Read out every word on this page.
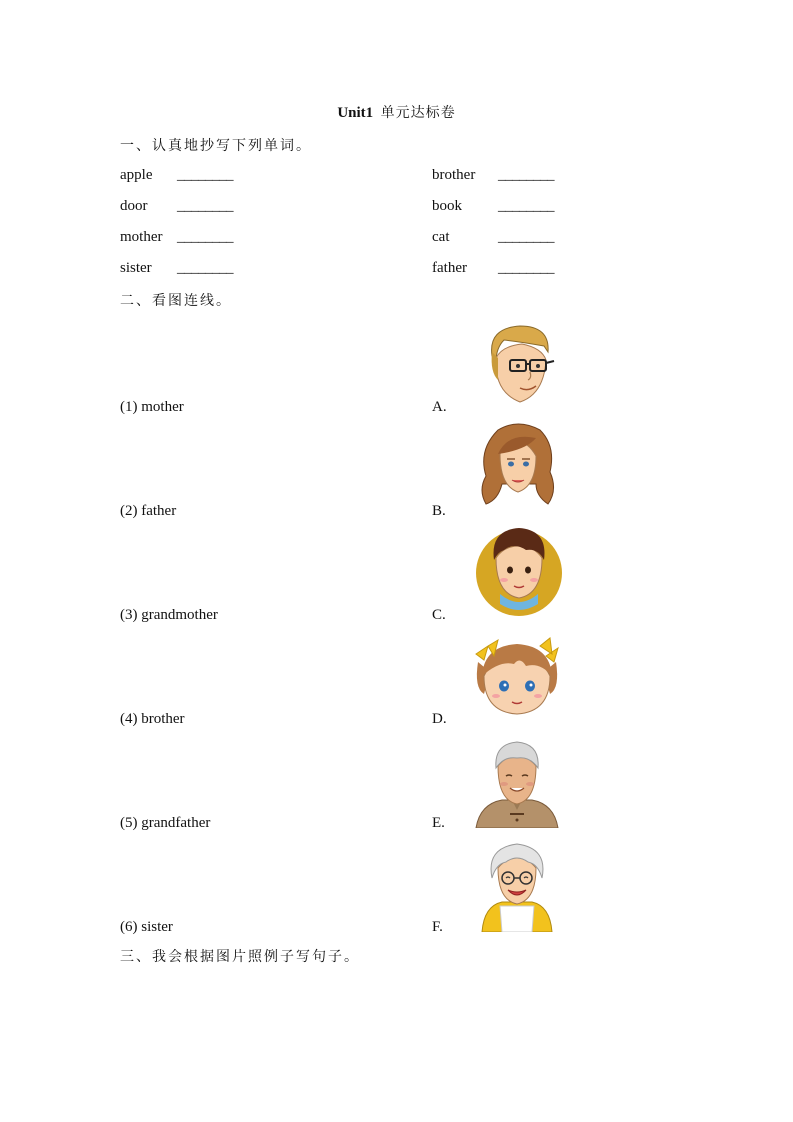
Unit1 单元达标卷
一、认真地抄写下列单词。
apple
door
mother
sister
________
________
________
________
brother
book
cat
father
________
________
________
________
二、看图连线。
(1) mother
(2) father
(3) grandmother
(4) brother
(5) grandfather
(6) sister
A.
B.
C.
D.
E.
F.
三、我会根据图片照例子写句子。
